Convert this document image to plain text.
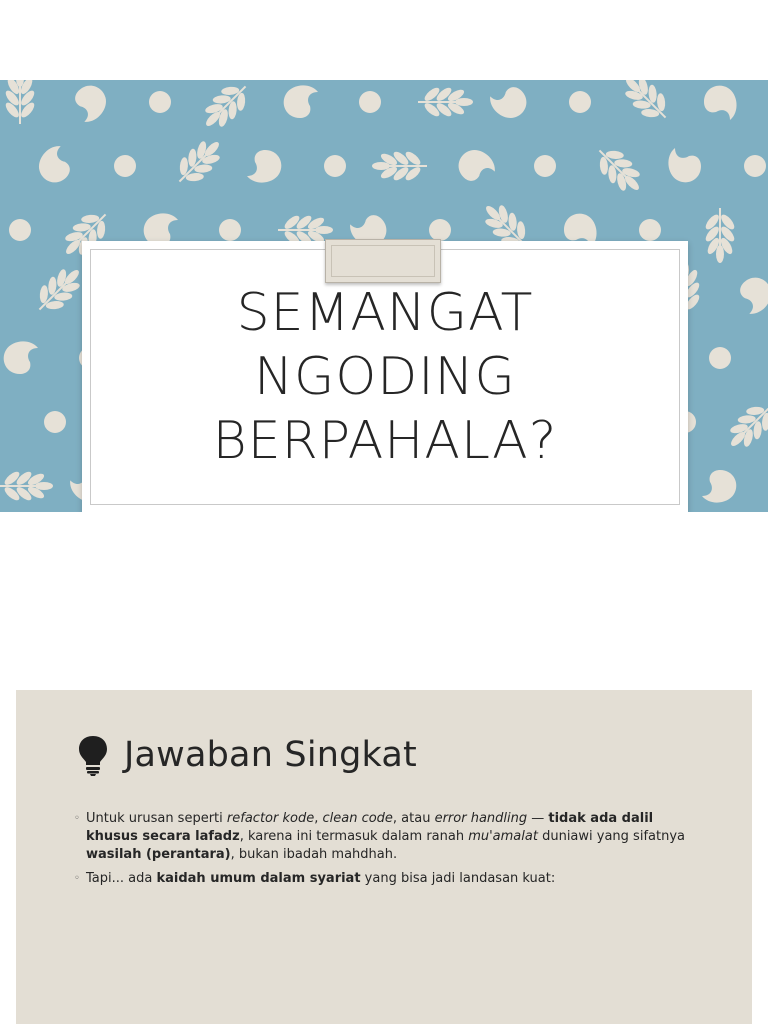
SEMANGAT
NGODING
BERPAHALA?
Jawaban Singkat
◦ Untuk urusan seperti refactor kode, clean code, atau error handling — tidak ada dalil khusus secara lafadz, karena ini termasuk dalam ranah mu'amalat duniawi yang sifatnya wasilah (perantara), bukan ibadah mahdhah.
◦ Tapi... ada kaidah umum dalam syariat yang bisa jadi landasan kuat:
